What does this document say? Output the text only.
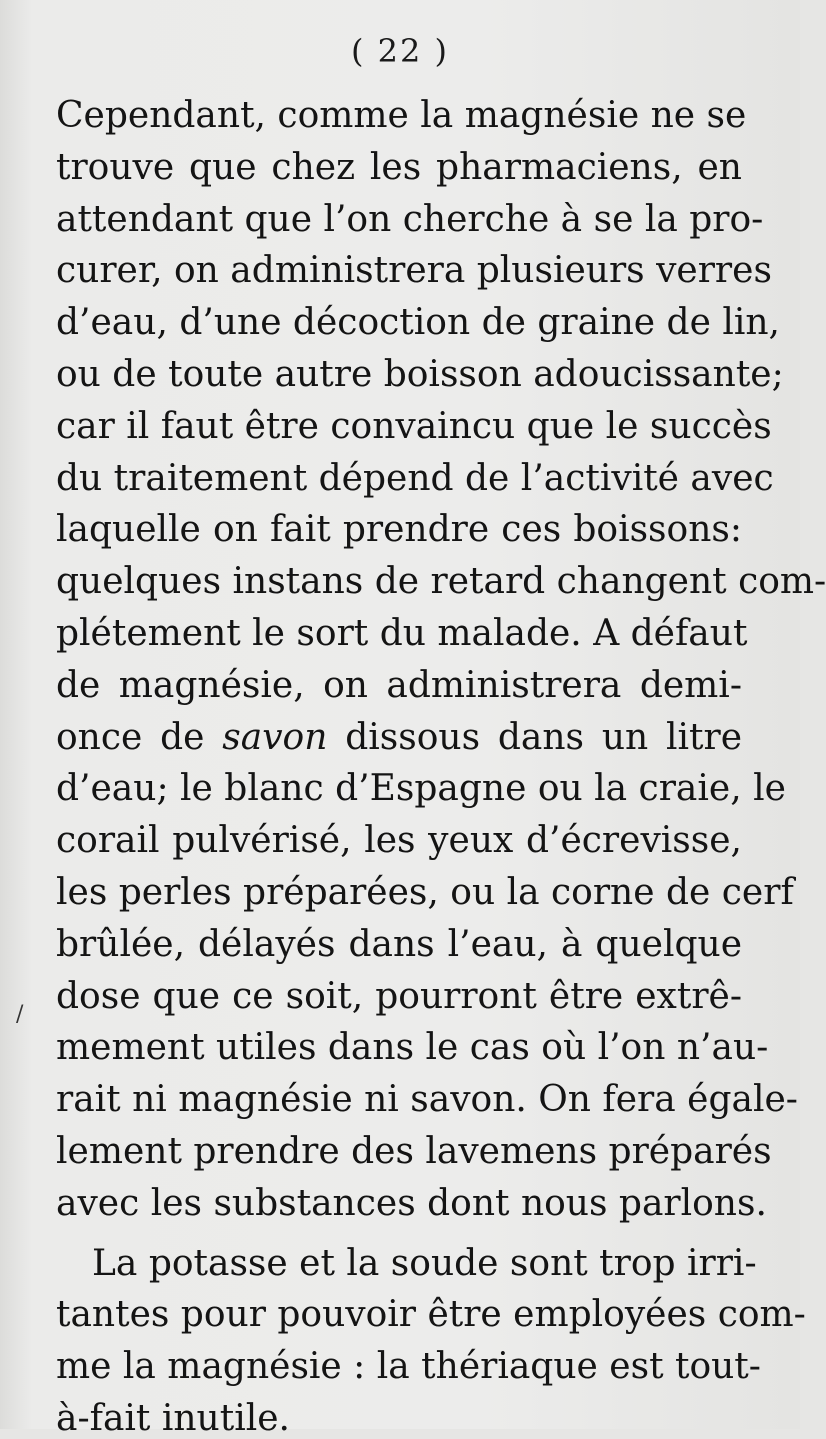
( 22 )
/
Cependant, comme la magnésie ne se
trouve que chez les pharmaciens, en
attendant que l’on cherche à se la pro-
curer, on administrera plusieurs verres
d’eau, d’une décoction de graine de lin,
ou de toute autre boisson adoucissante;
car il faut être convaincu que le succès
du traitement dépend de l’activité avec
laquelle on fait prendre ces boissons:
quelques instans de retard changent com-
plétement le sort du malade. A défaut
de magnésie, on administrera demi-
once de savon dissous dans un litre
d’eau; le blanc d’Espagne ou la craie, le
corail pulvérisé, les yeux d’écrevisse,
les perles préparées, ou la corne de cerf
brûlée, délayés dans l’eau, à quelque
dose que ce soit, pourront être extrê-
mement utiles dans le cas où l’on n’au-
rait ni magnésie ni savon. On fera égale-
lement prendre des lavemens préparés
avec les substances dont nous parlons.
La potasse et la soude sont trop irri-
tantes pour pouvoir être employées com-
me la magnésie : la thériaque est tout-
à-fait inutile.
